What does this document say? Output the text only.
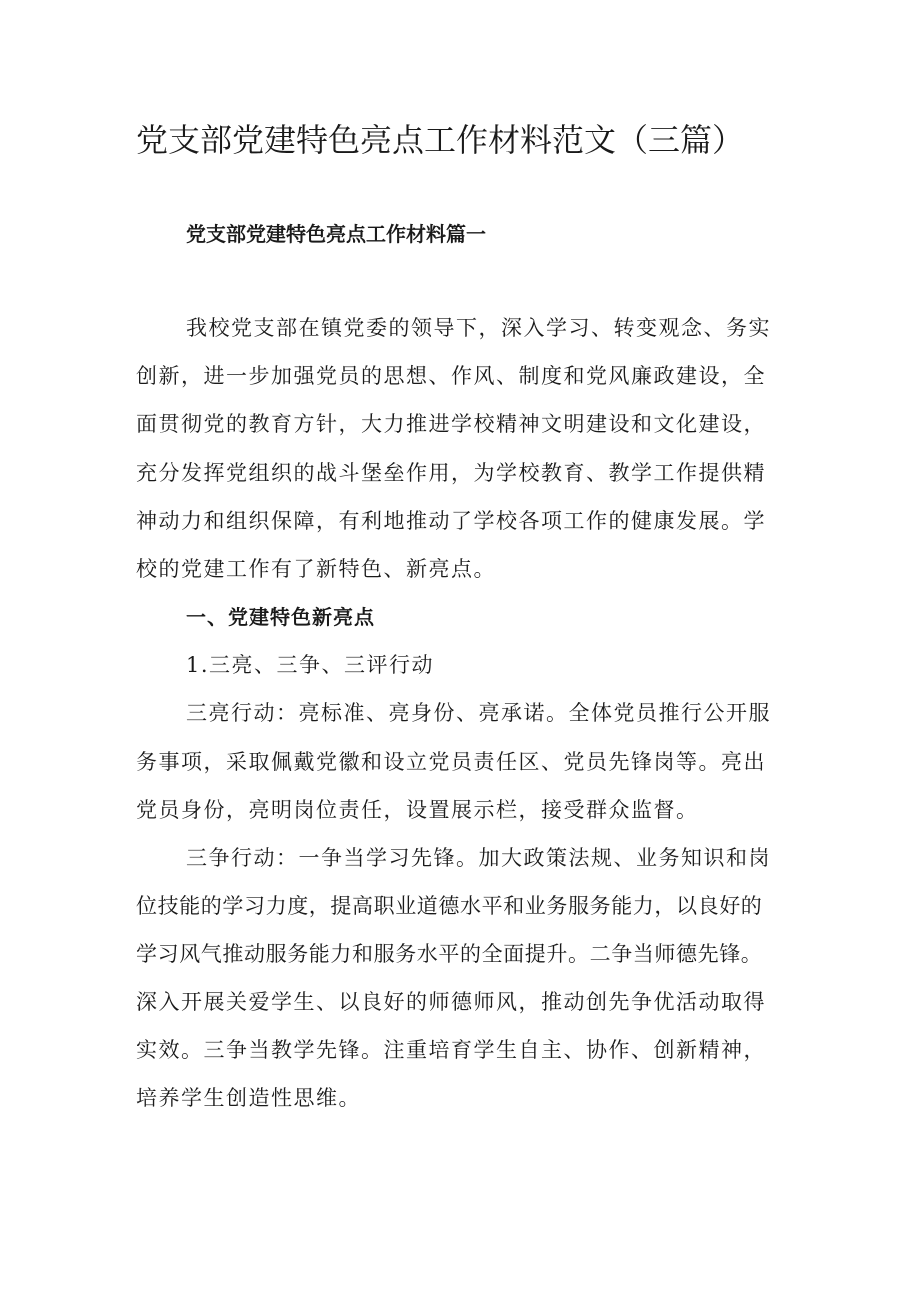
党支部党建特色亮点工作材料范文（三篇）
党支部党建特色亮点工作材料篇一
我校党支部在镇党委的领导下，深入学习、转变观念、务实
创新，进一步加强党员的思想、作风、制度和党风廉政建设，全
面贯彻党的教育方针，大力推进学校精神文明建设和文化建设，
充分发挥党组织的战斗堡垒作用，为学校教育、教学工作提供精
神动力和组织保障，有利地推动了学校各项工作的健康发展。学
校的党建工作有了新特色、新亮点。
一、党建特色新亮点
1.三亮、三争、三评行动
三亮行动：亮标准、亮身份、亮承诺。全体党员推行公开服
务事项，采取佩戴党徽和设立党员责任区、党员先锋岗等。亮出
党员身份，亮明岗位责任，设置展示栏，接受群众监督。
三争行动：一争当学习先锋。加大政策法规、业务知识和岗
位技能的学习力度，提高职业道德水平和业务服务能力，以良好的
学习风气推动服务能力和服务水平的全面提升。二争当师德先锋。
深入开展关爱学生、以良好的师德师风，推动创先争优活动取得
实效。三争当教学先锋。注重培育学生自主、协作、创新精神，
培养学生创造性思维。
